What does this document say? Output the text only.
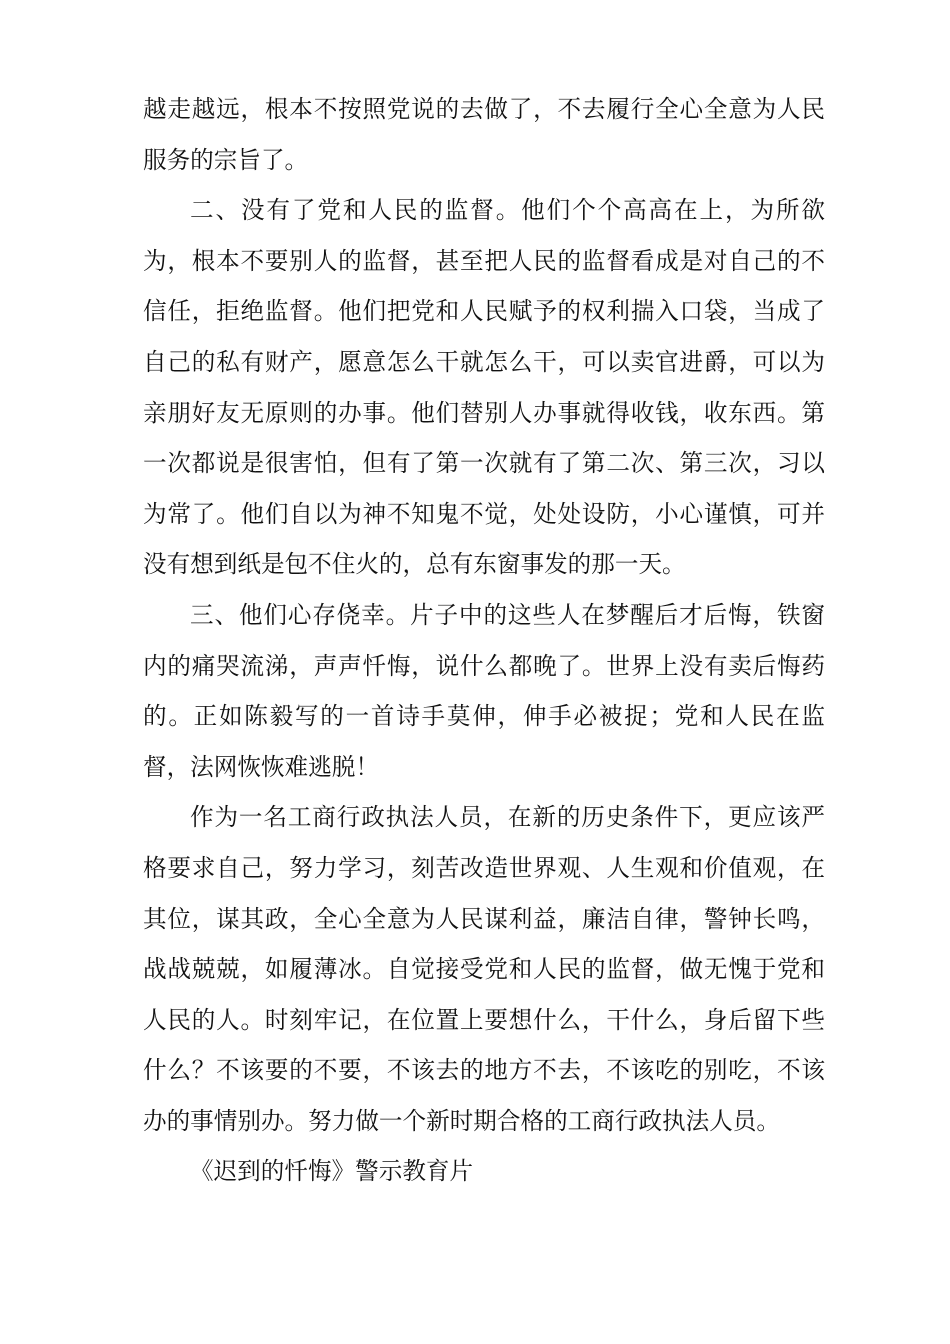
越走越远，根本不按照党说的去做了，不去履行全心全意为人民服务的宗旨了。

二、没有了党和人民的监督。他们个个高高在上，为所欲为，根本不要别人的监督，甚至把人民的监督看成是对自己的不信任，拒绝监督。他们把党和人民赋予的权利揣入口袋，当成了自己的私有财产，愿意怎么干就怎么干，可以卖官进爵，可以为亲朋好友无原则的办事。他们替别人办事就得收钱，收东西。第一次都说是很害怕，但有了第一次就有了第二次、第三次，习以为常了。他们自以为神不知鬼不觉，处处设防，小心谨慎，可并没有想到纸是包不住火的，总有东窗事发的那一天。

三、他们心存侥幸。片子中的这些人在梦醒后才后悔，铁窗内的痛哭流涕，声声忏悔，说什么都晚了。世界上没有卖后悔药的。正如陈毅写的一首诗手莫伸，伸手必被捉；党和人民在监督，法网恢恢难逃脱！

作为一名工商行政执法人员，在新的历史条件下，更应该严格要求自己，努力学习，刻苦改造世界观、人生观和价值观，在其位，谋其政，全心全意为人民谋利益，廉洁自律，警钟长鸣，战战兢兢，如履薄冰。自觉接受党和人民的监督，做无愧于党和人民的人。时刻牢记，在位置上要想什么，干什么，身后留下些什么？不该要的不要，不该去的地方不去，不该吃的别吃，不该办的事情别办。努力做一个新时期合格的工商行政执法人员。

《迟到的忏悔》警示教育片
